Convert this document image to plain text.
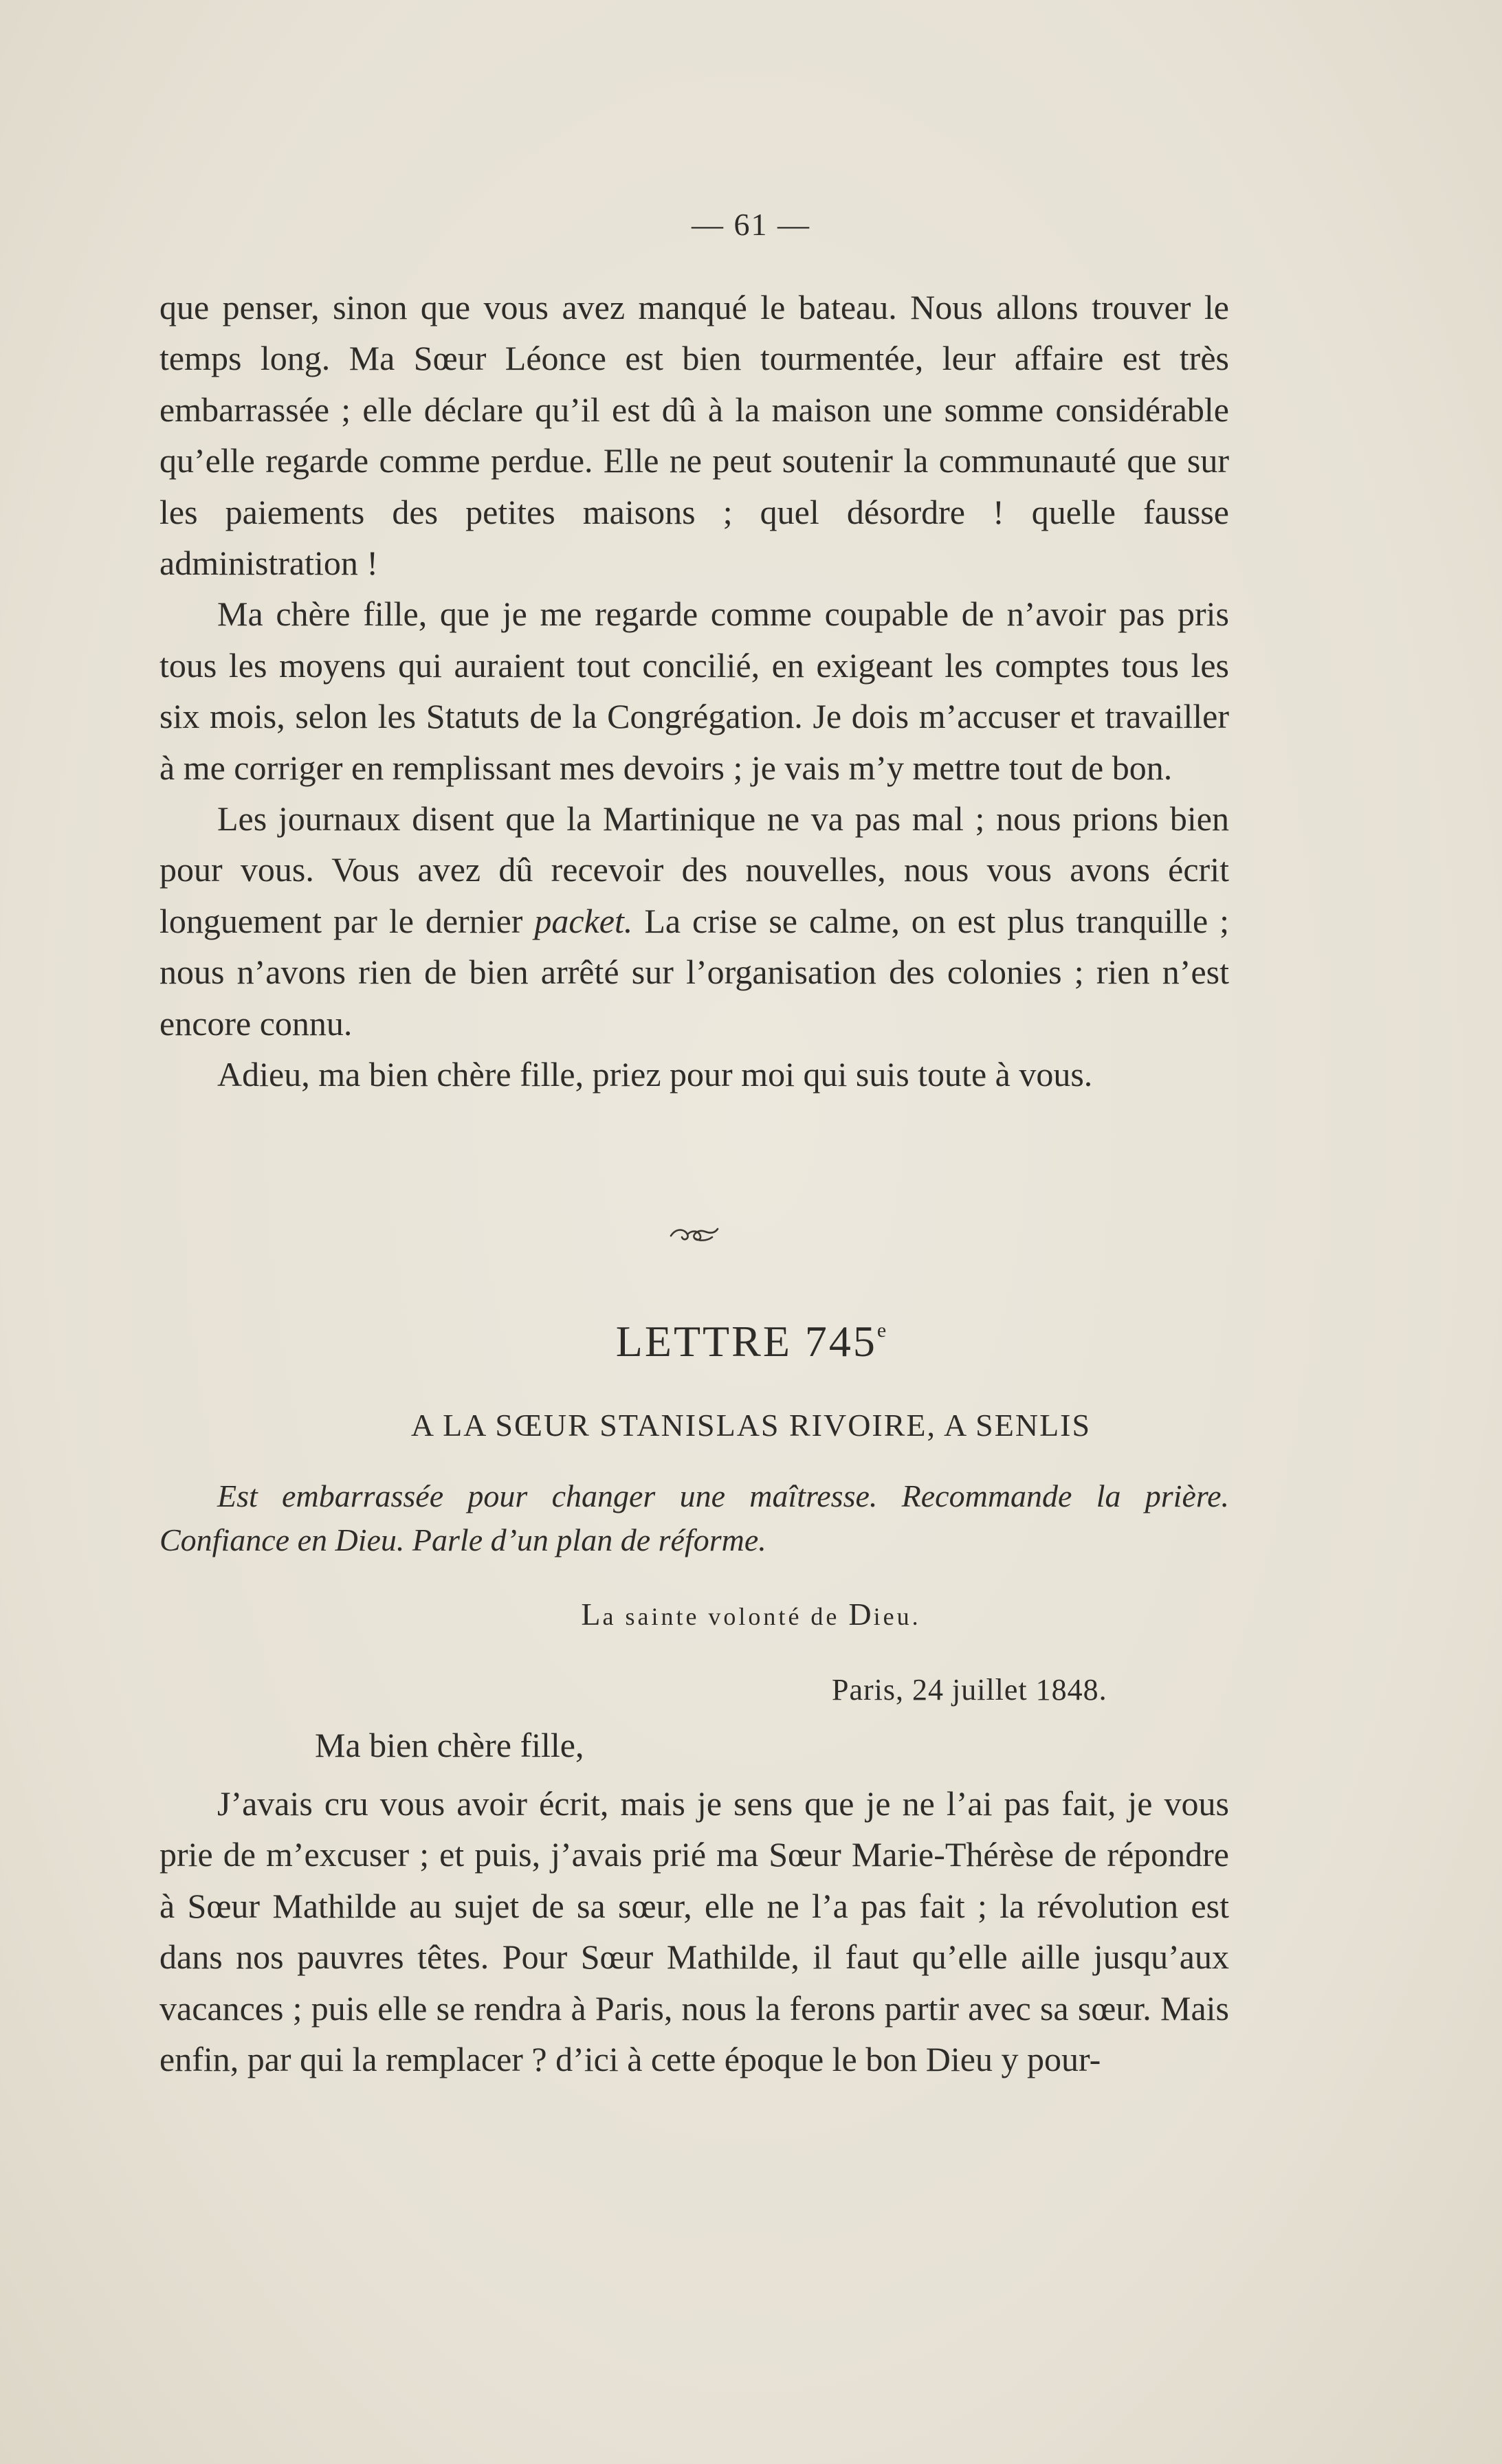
— 61 —

que penser, sinon que vous avez manqué le bateau. Nous allons trouver le temps long. Ma Sœur Léonce est bien tourmentée, leur affaire est très embarrassée ; elle déclare qu’il est dû à la maison une somme considérable qu’elle regarde comme perdue. Elle ne peut soutenir la communauté que sur les paiements des petites maisons ; quel désordre ! quelle fausse administration !

Ma chère fille, que je me regarde comme coupable de n’avoir pas pris tous les moyens qui auraient tout concilié, en exigeant les comptes tous les six mois, selon les Statuts de la Congrégation. Je dois m’accuser et travailler à me corriger en remplissant mes devoirs ; je vais m’y mettre tout de bon.

Les journaux disent que la Martinique ne va pas mal ; nous prions bien pour vous. Vous avez dû recevoir des nouvelles, nous vous avons écrit longuement par le dernier packet. La crise se calme, on est plus tranquille ; nous n’avons rien de bien arrêté sur l’organisation des colonies ; rien n’est encore connu.

Adieu, ma bien chère fille, priez pour moi qui suis toute à vous.

LETTRE 745e
A LA SŒUR STANISLAS RIVOIRE, A SENLIS

Est embarrassée pour changer une maîtresse. Recommande la prière. Confiance en Dieu. Parle d’un plan de réforme.

La sainte volonté de Dieu.
Paris, 24 juillet 1848.
Ma bien chère fille,

J’avais cru vous avoir écrit, mais je sens que je ne l’ai pas fait, je vous prie de m’excuser ; et puis, j’avais prié ma Sœur Marie-Thérèse de répondre à Sœur Mathilde au sujet de sa sœur, elle ne l’a pas fait ; la révolution est dans nos pauvres têtes. Pour Sœur Mathilde, il faut qu’elle aille jusqu’aux vacances ; puis elle se rendra à Paris, nous la ferons partir avec sa sœur. Mais enfin, par qui la remplacer ? d’ici à cette époque le bon Dieu y pour-
